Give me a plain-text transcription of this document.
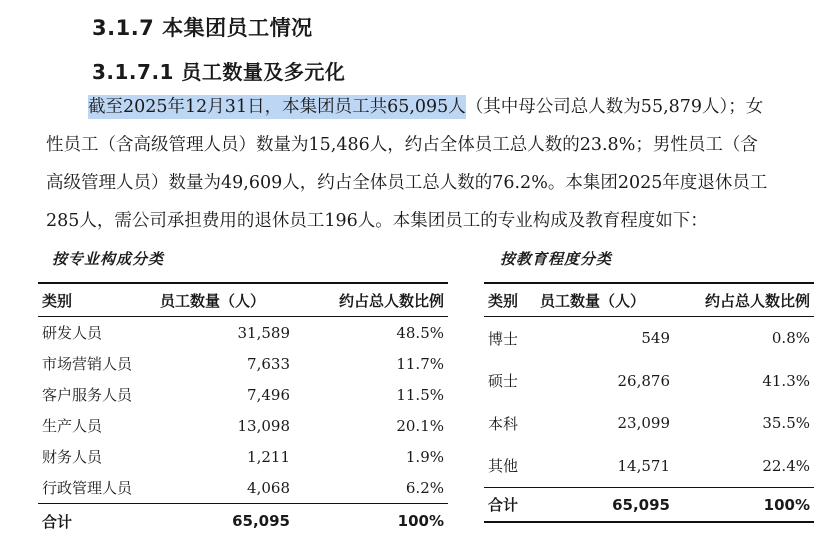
3.1.7 本集团员工情况
3.1.7.1 员工数量及多元化
截至2025年12月31日，本集团员工共65,095人（其中母公司总人数为55,879人）；女
性员工（含高级管理人员）数量为15,486人，约占全体员工总人数的23.8%；男性员工（含
高级管理人员）数量为49,609人，约占全体员工总人数的76.2%。本集团2025年度退休员工
285人，需公司承担费用的退休员工196人。本集团员工的专业构成及教育程度如下：
按专业构成分类	按教育程度分类
类别	员工数量（人）	约占总人数比例
研发人员	31,589	48.5%
市场营销人员	7,633	11.7%
客户服务人员	7,496	11.5%
生产人员	13,098	20.1%
财务人员	1,211	1.9%
行政管理人员	4,068	6.2%
合计	65,095	100%
类别	员工数量（人）	约占总人数比例
博士	549	0.8%
硕士	26,876	41.3%
本科	23,099	35.5%
其他	14,571	22.4%
合计	65,095	100%
